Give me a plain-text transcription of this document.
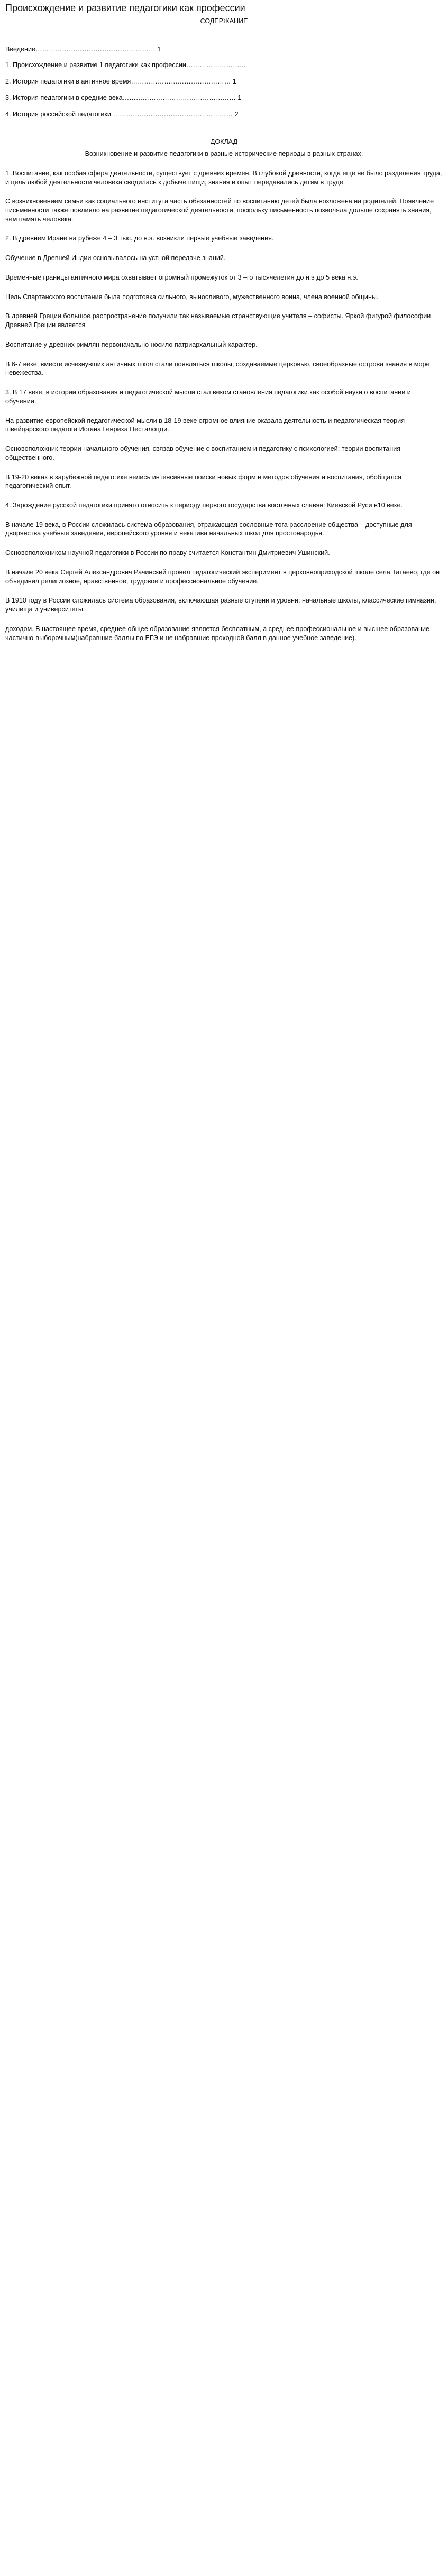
Происхождение и развитие педагогики как профессии

СОДЕРЖАНИЕ

Введение……………………………………………… 1

1. Происхождение и развитие 1 педагогики как профессии………………………

2. История педагогики в античное время……………………………………… 1

3. История педагогики в средние века…………………………………………… 1

4. История российской педагогики ……………………………………………… 2

ДОКЛАД

Возникновение и развитие педагогики в разные исторические периоды в разных странах.

1 .Воспитание, как особая сфера деятельности, существует с древних времён. В глубокой древности, когда ещё не было разделения труда, и цель любой деятельности человека сводилась к добыче пищи, знания и опыт передавались детям в труде.

С возникновением семьи как социального института часть обязанностей по воспитанию детей была возложена на родителей. Появление письменности также повлияло на развитие педагогической деятельности, поскольку письменность позволяла дольше сохранять знания, чем память человека.

2. В древнем Иране на рубеже 4 – 3 тыс. до н.э. возникли первые учебные заведения.

Обучение в Древней Индии основывалось на устной передаче знаний.

Временные границы античного мира охватывает огромный промежуток от 3 –го тысячелетия до н.э до 5 века н.э.

Цель Спартанского воспитания была подготовка сильного, выносливого, мужественного воина, члена военной общины.

В древней Греции большое распространение получили так называемые странствующие учителя – софисты. Яркой фигурой философии Древней Греции является

Воспитание у древних римлян первоначально носило патриархальный характер.

В 6-7 веке, вместе исчезнувших античных школ стали появляться школы, создаваемые церковью, своеобразные острова знания в море невежества.

3. В 17 веке, в истории образования и педагогической мысли стал веком становления педагогики как особой науки о воспитании и обучении.

На развитие европейской педагогической мысли в 18-19 веке огромное влияние оказала деятельность и педагогическая теория швейцарского педагога Иогана Генриха Песталоцци.

Основоположник теории начального обучения, связав обучение с воспитанием и педагогику с психологией; теории воспитания общественного.

В 19-20 веках в зарубежной педагогике велись интенсивные поиски новых форм и методов обучения и воспитания, обобщался педагогический опыт.

4. Зарождение русской педагогики принято относить к периоду первого государства восточных славян: Киевской Руси в10 веке.

В начале 19 века, в России сложилась система образования, отражающая сословные тога расслоение общества – доступные для дворянства учебные заведения, европейского уровня и некатива начальных школ для простонародья.

Основоположником научной педагогики в России по праву считается Константин Дмитриевич Ушинский.

В начале 20 века Сергей Александрович Рачинский провёл педагогический эксперимент в церковноприходской школе села Татаево, где он объединил религиозное, нравственное, трудовое и профессиональное обучение.

В 1910 году в России сложилась система образования, включающая разные ступени и уровни: начальные школы, классические гимназии, училища и университеты.

доходом. В настоящее время, среднее общее образование является бесплатным, а среднее профессиональное и высшее образование частично-выборочным(набравшие баллы по ЕГЭ и не набравшие проходной балл в данное учебное заведение).
